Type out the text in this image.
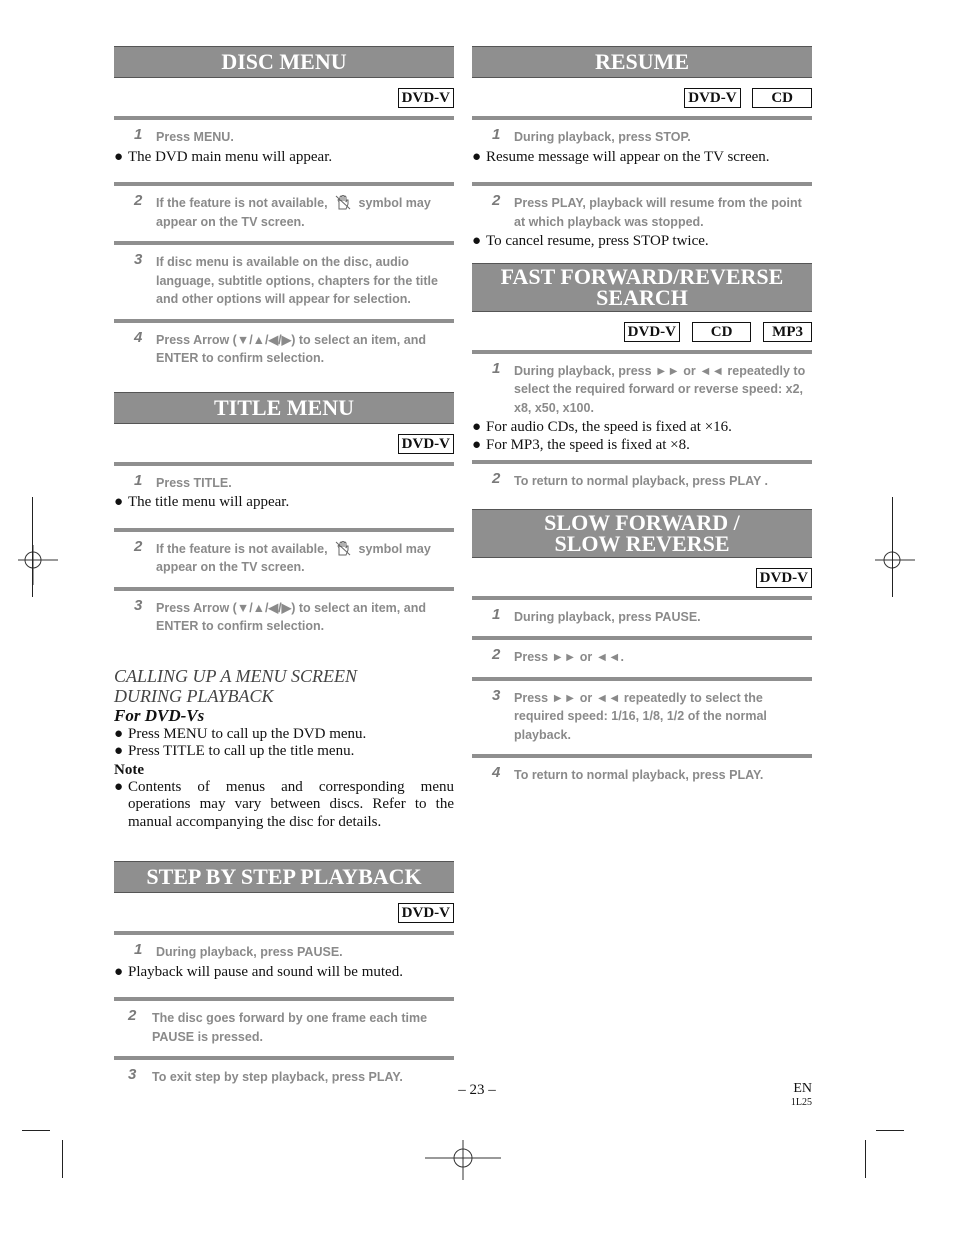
DISC MENU
DVD-V
1 Press MENU.
● The DVD main menu will appear.
2 If the feature is not available, symbol may appear on the TV screen.
3 If disc menu is available on the disc, audio language, subtitle options, chapters for the title and other options will appear for selection.
4 Press Arrow (▼/▲/◀/▶) to select an item, and ENTER to confirm selection.
TITLE MENU
DVD-V
1 Press TITLE.
● The title menu will appear.
2 If the feature is not available, symbol may appear on the TV screen.
3 Press Arrow (▼/▲/◀/▶) to select an item, and ENTER to confirm selection.
CALLING UP A MENU SCREEN
DURING PLAYBACK
For DVD-Vs
● Press MENU to call up the DVD menu.
● Press TITLE to call up the title menu.
Note
● Contents of menus and corresponding menu operations may vary between discs. Refer to the manual accompanying the disc for details.
STEP BY STEP PLAYBACK
DVD-V
1 During playback, press PAUSE.
● Playback will pause and sound will be muted.
2 The disc goes forward by one frame each time PAUSE is pressed.
3 To exit step by step playback, press PLAY.
RESUME
DVD-V CD
1 During playback, press STOP.
● Resume message will appear on the TV screen.
2 Press PLAY, playback will resume from the point at which playback was stopped.
● To cancel resume, press STOP twice.
FAST FORWARD/REVERSE
SEARCH
DVD-V CD	MP3
1 During playback, press ►► or ◄◄ repeatedly to select the required forward or reverse speed: x2, x8, x50, x100.
● For audio CDs, the speed is fixed at ×16.
● For MP3, the speed is fixed at ×8.
2 To return to normal playback, press PLAY .
SLOW FORWARD /
SLOW REVERSE
DVD-V
1 During playback, press PAUSE.
2 Press ►► or ◄◄.
3 Press ►► or ◄◄ repeatedly to select the required speed: 1/16, 1/8, 1/2 of the normal playback.
4 To return to normal playback, press PLAY.
– 23 –	EN
1L25
